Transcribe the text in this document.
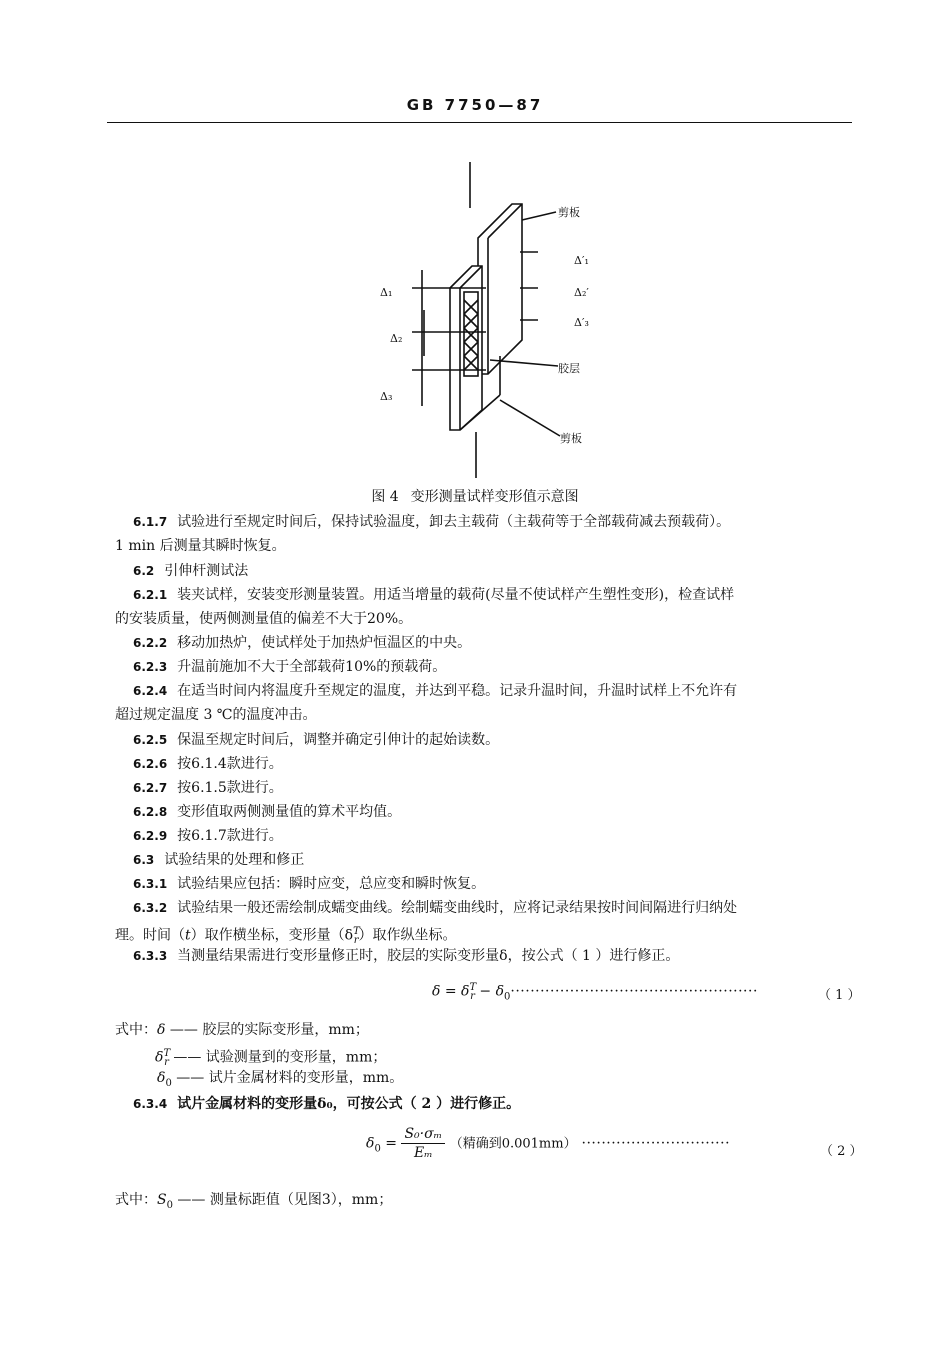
GB 7750—87
剪板
胶层
剪板
Δ′₁
Δ₂′
Δ′₃
Δ₁
Δ₂
Δ₃
图 4 变形测量试样变形值示意图
6.1.7 试验进行至规定时间后，保持试验温度，卸去主载荷（主载荷等于全部载荷减去预载荷）。
1 min 后测量其瞬时恢复。
6.2 引伸杆测试法
6.2.1 装夹试样，安装变形测量装置。用适当增量的载荷(尽量不使试样产生塑性变形)，检查试样
的安装质量，使两侧测量值的偏差不大于20%。
6.2.2 移动加热炉，使试样处于加热炉恒温区的中央。
6.2.3 升温前施加不大于全部载荷10%的预载荷。
6.2.4 在适当时间内将温度升至规定的温度，并达到平稳。记录升温时间，升温时试样上不允许有
超过规定温度 3 ℃的温度冲击。
6.2.5 保温至规定时间后，调整并确定引伸计的起始读数。
6.2.6 按6.1.4款进行。
6.2.7 按6.1.5款进行。
6.2.8 变形值取两侧测量值的算术平均值。
6.2.9 按6.1.7款进行。
6.3 试验结果的处理和修正
6.3.1 试验结果应包括：瞬时应变，总应变和瞬时恢复。
6.3.2 试验结果一般还需绘制成蠕变曲线。绘制蠕变曲线时，应将记录结果按时间间隔进行归纳处
理。时间（t）取作横坐标，变形量$(\delta^T_r)$取作纵坐标。
6.3.3 当测量结果需进行变形量修正时，胶层的实际变形量δ，按公式（ 1 ）进行修正。
$\delta = \delta^T_r - \delta_0\cdot\cdot\cdot\cdot\cdot\cdot\cdot\cdot\cdot\cdot\cdot\cdot\cdot\cdot\cdot\cdot\cdot\cdot\cdot\cdot\cdot\cdot\cdot\cdot\cdot\cdot\cdot\cdot\cdot\cdot\cdot\cdot\cdot\cdot\cdot\cdot\cdot\cdot\cdot\cdot\cdot\cdot\cdot\cdot\cdot\cdot\cdot\cdot\cdot\cdot$	（ 1 ）
式中：δ —— 胶层的实际变形量，mm；
$\delta^T_r$ —— 试验测量到的变形量，mm；
$\delta_0$ —— 试片金属材料的变形量，mm。
6.3.4 试片金属材料的变形量δ₀，可按公式（ 2 ）进行修正。
$\delta_0 = \frac{\text{S₀·σₘ}}{\text{Eₘ}}$ （精确到0.001mm） ······························	（ 2 ）
式中：$S_0$ —— 测量标距值（见图3），mm；
